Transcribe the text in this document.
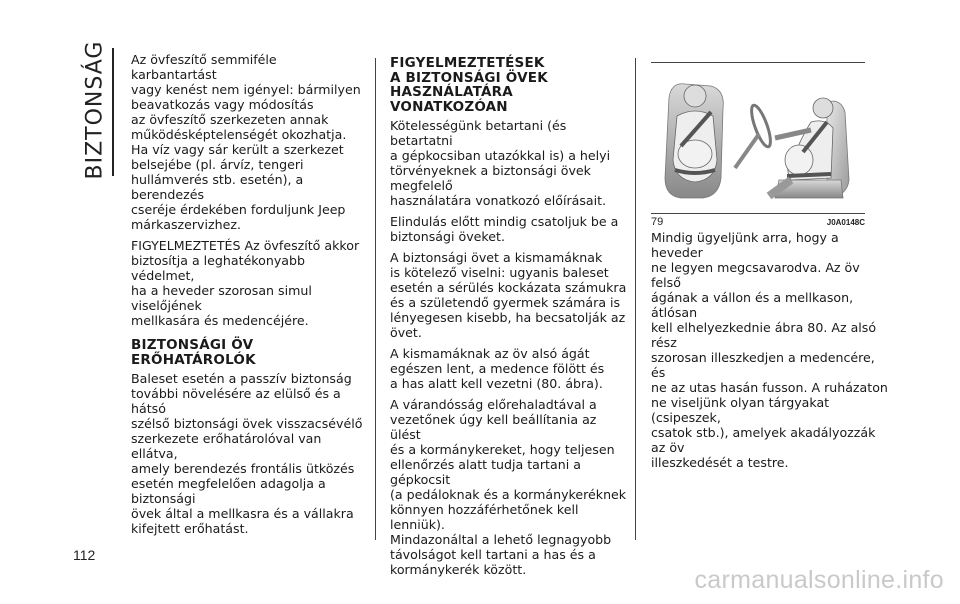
BIZTONSÁG Az övfeszítő semmiféle karbantartást
vagy kenést nem igényel: bármilyen
beavatkozás vagy módosítás
az övfeszítő szerkezeten annak
működésképtelenségét okozhatja.
Ha víz vagy sár került a szerkezet
belsejébe (pl. árvíz, tengeri
hullámverés stb. esetén), a berendezés
cseréje érdekében forduljunk Jeep
márkaszervizhez.

FIGYELMEZTETÉS Az övfeszítő akkor
biztosítja a leghatékonyabb védelmet,
ha a heveder szorosan simul viselőjének
mellkasára és medencéjére.

BIZTONSÁGI ÖV
ERŐHATÁROLÓK

Baleset esetén a passzív biztonság
további növelésére az elülső és a hátsó
szélső biztonsági övek visszacsévélő
szerkezete erőhatárolóval van ellátva,
amely berendezés frontális ütközés
esetén megfelelően adagolja a biztonsági
övek által a mellkasra és a vállakra
kifejtett erőhatást.

FIGYELMEZTETÉSEK
A BIZTONSÁGI ÖVEK
HASZNÁLATÁRA
VONATKOZÓAN

Kötelességünk betartani (és betartatni
a gépkocsiban utazókkal is) a helyi
törvényeknek a biztonsági övek megfelelő
használatára vonatkozó előírásait.

Elindulás előtt mindig csatoljuk be a
biztonsági öveket.

A biztonsági övet a kismamáknak
is kötelező viselni: ugyanis baleset
esetén a sérülés kockázata számukra
és a születendő gyermek számára is
lényegesen kisebb, ha becsatolják az
övet.

A kismamáknak az öv alsó ágát
egészen lent, a medence fölött és
a has alatt kell vezetni (80. ábra).

A várandósság előrehaladtával a
vezetőnek úgy kell beállítania az ülést
és a kormánykereket, hogy teljesen
ellenőrzés alatt tudja tartani a gépkocsit
(a pedáloknak és a kormánykeréknek
könnyen hozzáférhetőnek kell lenniük).
Mindazonáltal a lehető legnagyobb
távolságot kell tartani a has és a
kormánykerék között.

79	J0A0148C

Mindig ügyeljünk arra, hogy a heveder
ne legyen megcsavarodva. Az öv felső
ágának a vállon és a mellkason, átlósan
kell elhelyezkednie ábra 80. Az alsó rész
szorosan illeszkedjen a medencére, és
ne az utas hasán fusson. A ruházaton
ne viseljünk olyan tárgyakat (csipeszek,
csatok stb.), amelyek akadályozzák az öv
illeszkedését a testre.

112
carmanualsonline.info
